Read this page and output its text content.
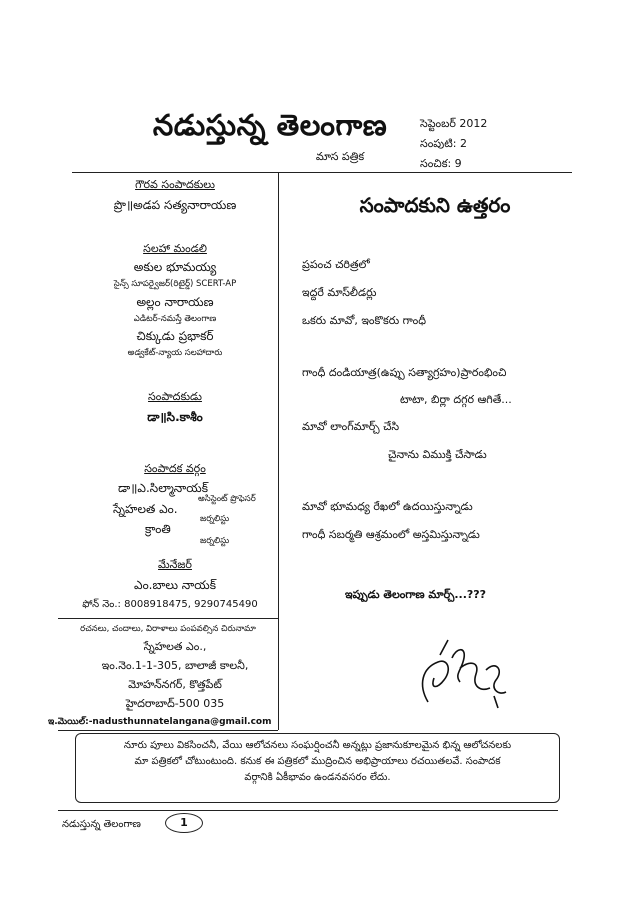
నడుస్తున్న తెలంగాణ
మాస పత్రిక
సెప్టెంబర్ 2012
సంపుటి: 2
సంచిక: 9
గౌరవ సంపాదకులు
ప్రొ॥అడప సత్యనారాయణ
సలహా మండలి
అకుల భూమయ్య
సైన్స్ సూపర్వైజర్(రిటైర్డ్) SCERT-AP
అల్లం నారాయణ
ఎడిటర్-నమస్తే తెలంగాణ
చిక్కుడు ప్రభాకర్
అడ్వకేట్-న్యాయ సలహాదారు
సంపాదకుడు
డా॥సి.కాశీం
సంపాదక వర్గం
డా॥ఎ.సిల్మానాయక్
అసిస్టెంట్ ప్రొఫెసర్
స్నేహలత ఎం.
జర్నలిస్టు
క్రాంతి
జర్నలిస్టు
మేనేజర్
ఎం.బాలు నాయక్
ఫోన్ నెం.: 8008918475, 9290745490
రచనలు, చందాలు, విరాళాలు పంపవల్సిన చిరునామా
స్నేహలత ఎం.,
ఇం.నెం.1-1-305, బాలాజీ కాలనీ,
మోహన్‌నగర్, కొత్తపేట్
హైదరాబాద్-500 035
ఇ.మెయిల్:-nadusthunnatelangana@gmail.com
సంపాదకుని ఉత్తరం
ప్రపంచ చరిత్రలో
ఇద్దరే మాస్‌లీడర్లు
ఒకరు మావో, ఇంకొకరు గాంధీ
గాంధీ దండియాత్ర(ఉప్పు సత్యాగ్రహం)ప్రారంభించి
టాటా, బిర్లా దగ్గర ఆగితే...
మావో లాంగ్‌మార్చ్ చేసి
చైనాను విముక్తి చేసాడు
మావో భూమధ్య రేఖలో ఉదయిస్తున్నాడు
గాంధీ సబర్మతి ఆశ్రమంలో అస్తమిస్తున్నాడు
ఇప్పుడు తెలంగాణ మార్చ్...???
నూరు పూలు వికసించనీ, వేయి ఆలోచనలు సంఘర్షించనీ అన్నట్లు ప్రజానుకూలమైన భిన్న ఆలోచనలకు
మా పత్రికలో చోటుంటుంది. కనుక ఈ పత్రికలో ముద్రించిన అభిప్రాయాలు రచయితలవే. సంపాదక
వర్గానికి ఏకీభావం ఉండనవసరం లేదు.
నడుస్తున్న తెలంగాణ	1
